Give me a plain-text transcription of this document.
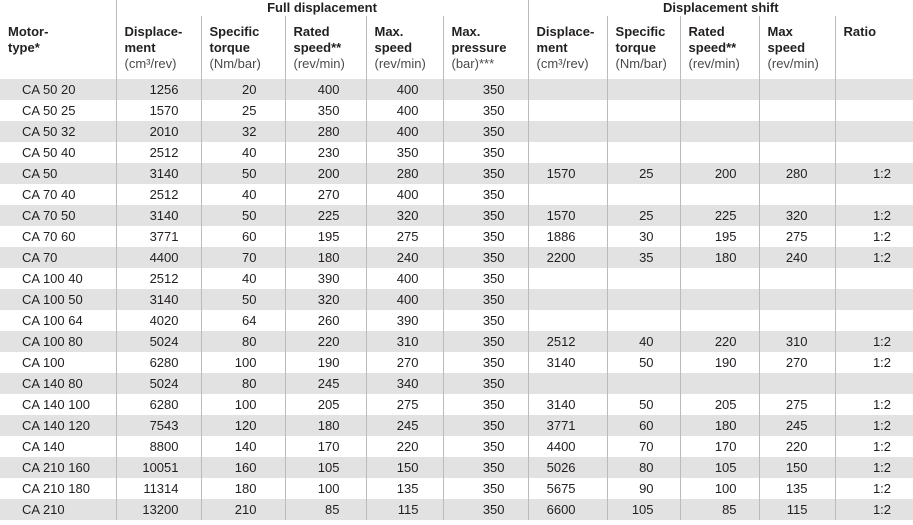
	Full displacement					Displacement shift				

Motor-
type*	Displace-
ment
(cm³/rev)	Specific
torque
(Nm/bar)	Rated
speed**
(rev/min)	Max.
speed
(rev/min)	Max.
pressure
(bar)***	Displace-
ment
(cm³/rev)	Specific
torque
(Nm/bar)	Rated
speed**
(rev/min)	Max
speed
(rev/min)	Ratio

CA 50 20	1256	20	400	400	350					
CA 50 25	1570	25	350	400	350					
CA 50 32	2010	32	280	400	350					
CA 50 40	2512	40	230	350	350					
CA 50	3140	50	200	280	350	1570	25	200	280	1:2
CA 70 40	2512	40	270	400	350					
CA 70 50	3140	50	225	320	350	1570	25	225	320	1:2
CA 70 60	3771	60	195	275	350	1886	30	195	275	1:2
CA 70	4400	70	180	240	350	2200	35	180	240	1:2
CA 100 40	2512	40	390	400	350					
CA 100 50	3140	50	320	400	350					
CA 100 64	4020	64	260	390	350					
CA 100 80	5024	80	220	310	350	2512	40	220	310	1:2
CA 100	6280	100	190	270	350	3140	50	190	270	1:2
CA 140 80	5024	80	245	340	350					
CA 140 100	6280	100	205	275	350	3140	50	205	275	1:2
CA 140 120	7543	120	180	245	350	3771	60	180	245	1:2
CA 140	8800	140	170	220	350	4400	70	170	220	1:2
CA 210 160	10051	160	105	150	350	5026	80	105	150	1:2
CA 210 180	11314	180	100	135	350	5675	90	100	135	1:2
CA 210	13200	210	85	115	350	6600	105	85	115	1:2
